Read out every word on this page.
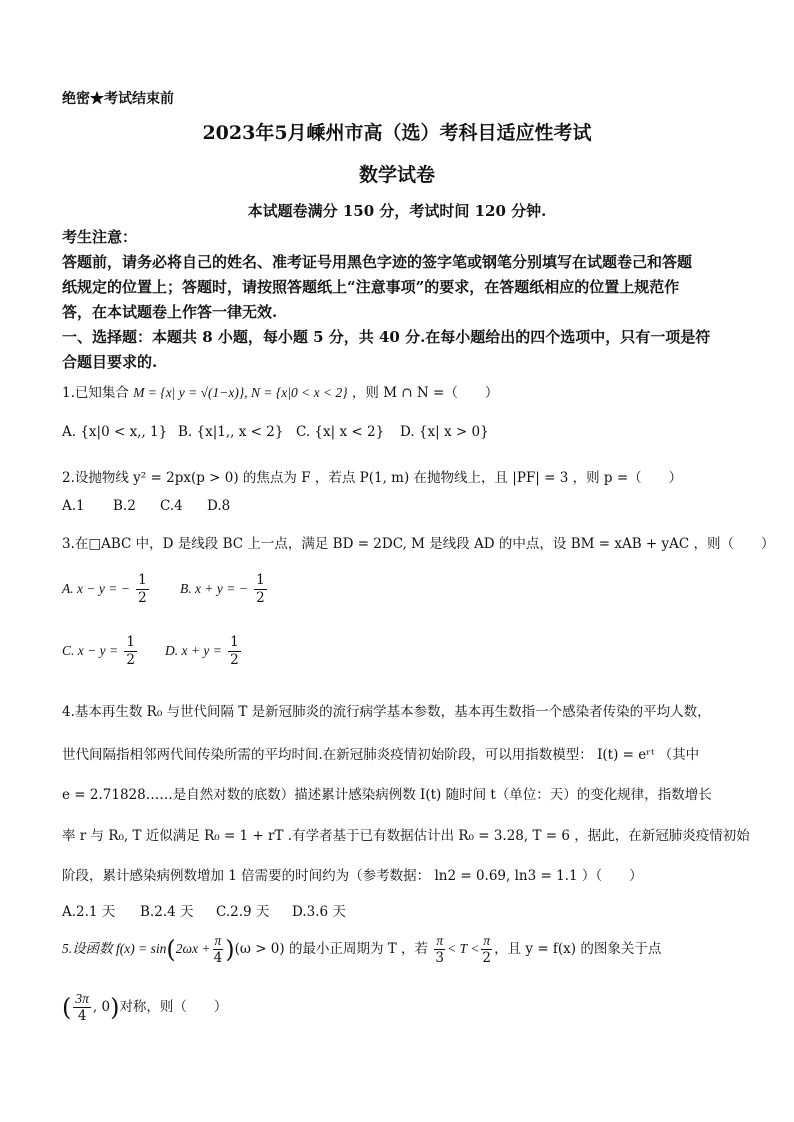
绝密★考试结束前
2023年5月嵊州市高（选）考科目适应性考试
数学试卷
本试题卷满分 150 分，考试时间 120 分钟.
考生注意：
答题前，请务必将自己的姓名、准考证号用黑色字迹的签字笔或钢笔分别填写在试题卷己和答题
纸规定的位置上；答题时，请按照答题纸上“注意事项”的要求，在答题纸相应的位置上规范作
答，在本试题卷上作答一律无效.
一、选择题：本题共 8 小题，每小题 5 分，共 40 分.在每小题给出的四个选项中，只有一项是符
合题目要求的.
1.已知集合 M = {x| y = √(1−x)}, N = {x|0 < x < 2} ，则 M ∩ N =（　　）
A. {x|0 < x,, 1} B. {x|1,, x < 2} C. {x| x < 2} D. {x| x > 0}
2.设抛物线 y² = 2px(p > 0) 的焦点为 F ，若点 P(1, m) 在抛物线上，且 |PF| = 3 ，则 p =（　　）
A.1 B.2 C.4 D.8
3.在□ABC 中，D 是线段 BC 上一点，满足 BD = 2DC, M 是线段 AD 的中点，设 BM = xAB + yAC ，则（　　）
A. x − y = − $\frac{1}{2} B$. x + y = − $\frac{1}{2}$
C. $x - y = \frac{1}{2} D$. $x + y = \frac{1}{2}$
4.基本再生数 R₀ 与世代间隔 T 是新冠肺炎的流行病学基本参数，基本再生数指一个感染者传染的平均人数，
世代间隔指相邻两代间传染所需的平均时间.在新冠肺炎疫情初始阶段，可以用指数模型： I(t) = eʳᵗ （其中
e = 2.71828……是自然对数的底数）描述累计感染病例数 I(t) 随时间 t（单位：天）的变化规律，指数增长
率 r 与 R₀, T 近似满足 R₀ = 1 + rT .有学者基于已有数据估计出 R₀ = 3.28, T = 6 ，据此，在新冠肺炎疫情初始
阶段，累计感染病例数增加 1 倍需要的时间约为（参考数据： ln2 = 0.69, ln3 = 1.1 ）（　　）
A.2.1 天 B.2.4 天 C.2.9 天 D.3.6 天
5.设函数 $f(x) = \sin(2\omega x + \frac{\pi}{4} )(\omega > 0)$ 的最小正周期为 T ，若 $\frac{\pi}{3} < T < \frac{\pi}{2}$ ，且 y = f(x) 的图象关于点
( $\frac{3\pi}{4}$ , 0)对称，则（　　）
